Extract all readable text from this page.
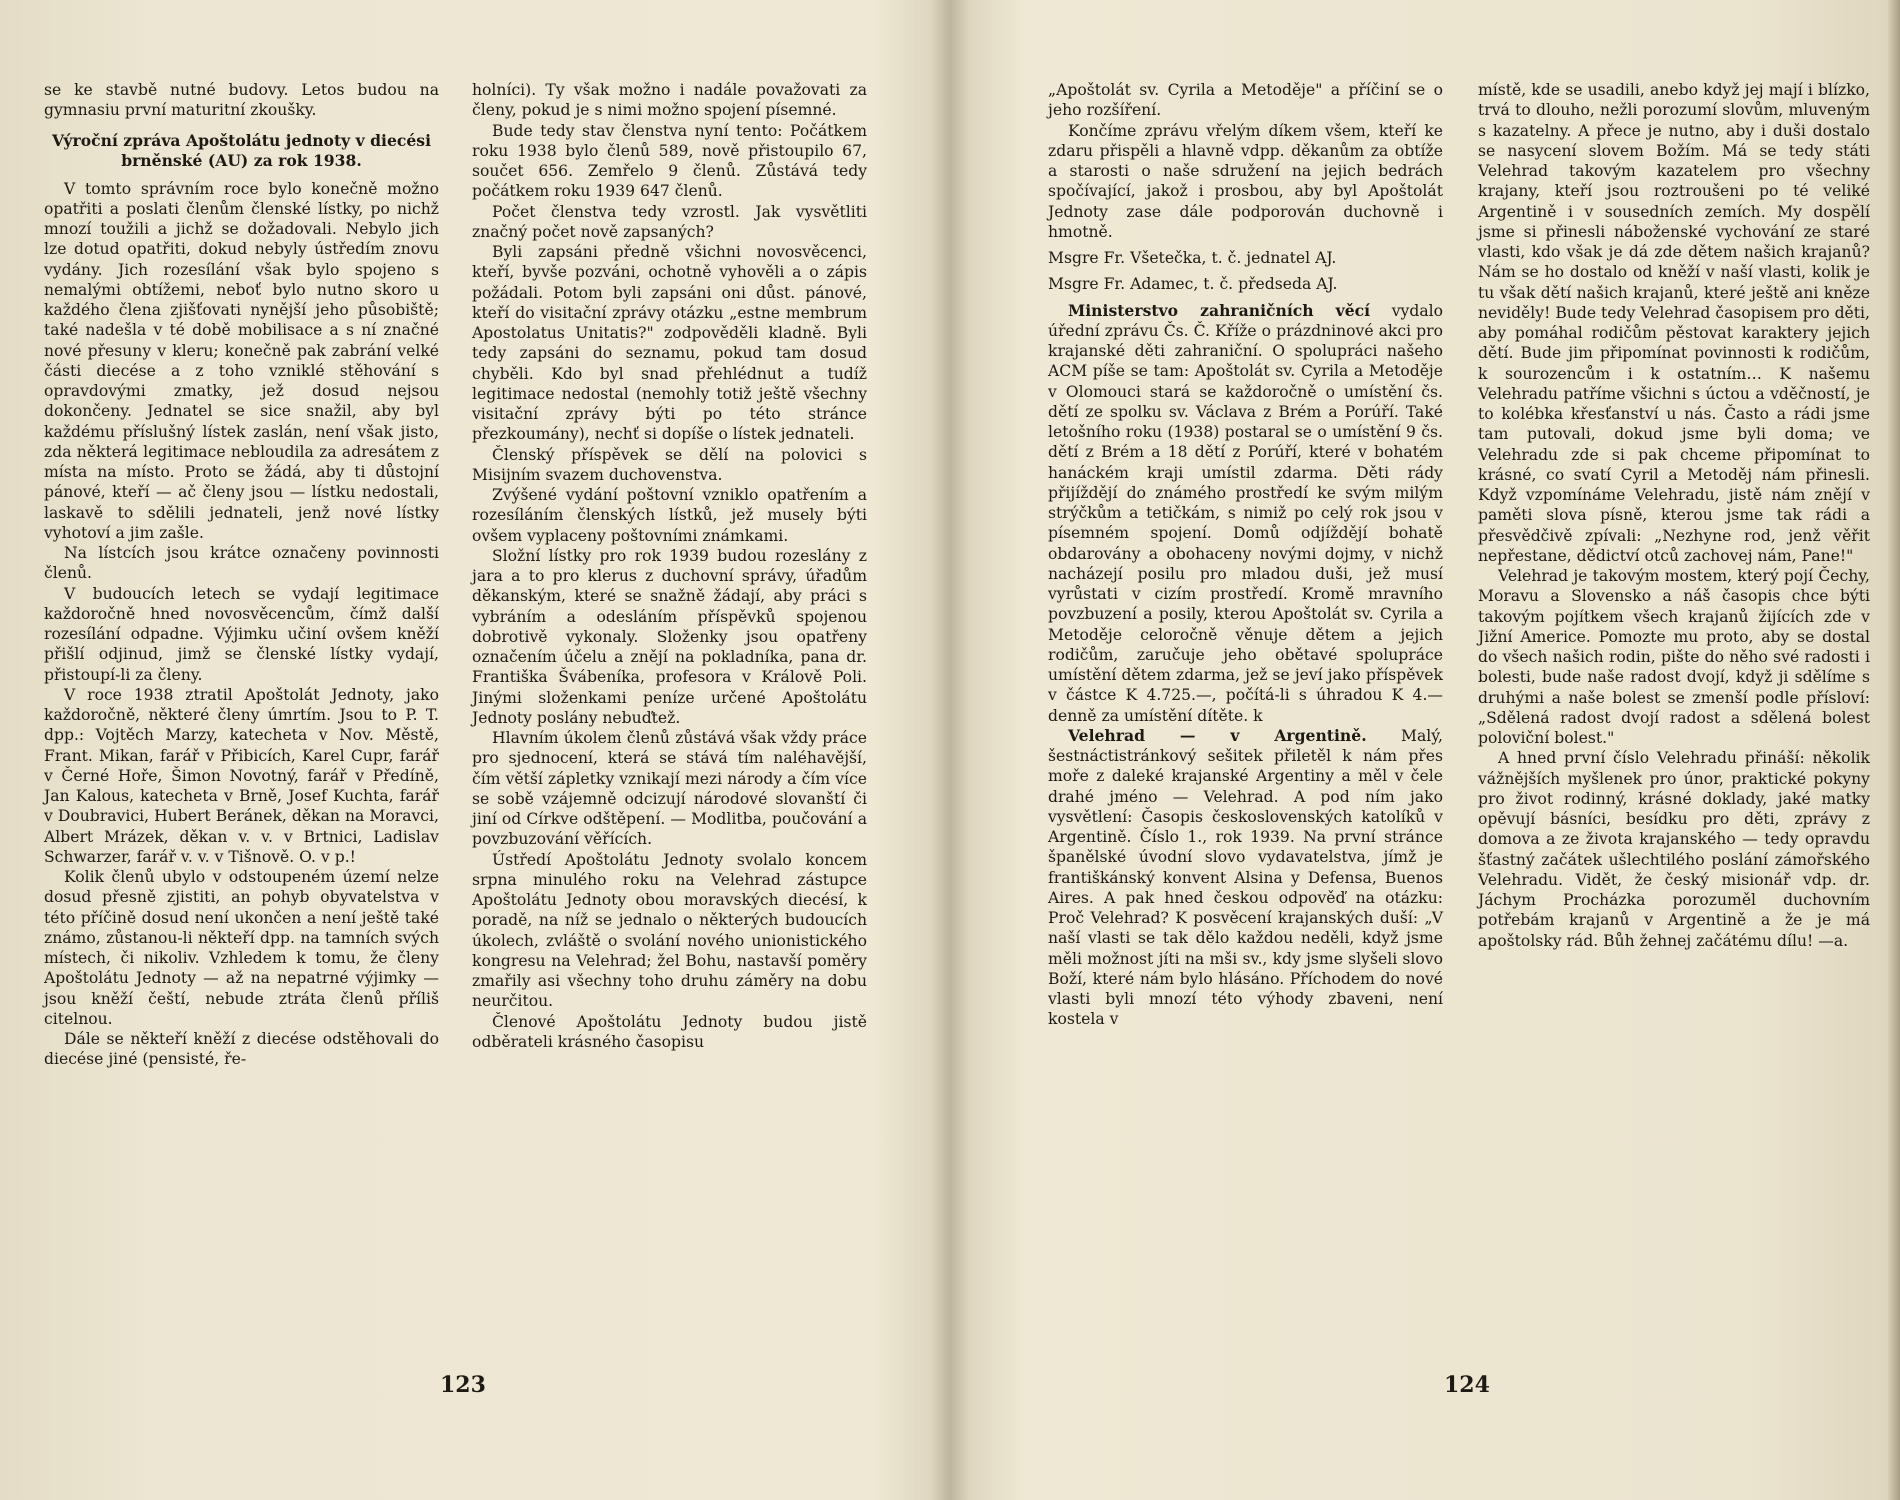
se ke stavbě nutné budovy. Letos budou na gymnasiu první maturitní zkoušky.

Výroční zpráva Apoštolátu jednoty v diecési brněnské (AU) za rok 1938.

V tomto správním roce bylo konečně možno opatřiti a poslati členům členské lístky, po nichž mnozí toužili a jichž se dožadovali. Nebylo jich lze dotud opatřiti, dokud nebyly ústředím znovu vydány. Jich rozesílání však bylo spojeno s nemalými obtížemi, neboť bylo nutno skoro u každého člena zjišťovati nynější jeho působiště; také nadešla v té době mobilisace a s ní značné nové přesuny v kleru; konečně pak zabrání velké části diecése a z toho vzniklé stěhování s opravdovými zmatky, jež dosud nejsou dokončeny. Jednatel se sice snažil, aby byl každému příslušný lístek zaslán, není však jisto, zda některá legitimace nebloudila za adresátem z místa na místo. Proto se žádá, aby ti důstojní pánové, kteří — ač členy jsou — lístku nedostali, laskavě to sdělili jednateli, jenž nové lístky vyhotoví a jim zašle.

Na lístcích jsou krátce označeny povinnosti členů.

V budoucích letech se vydají legitimace každoročně hned novosvěcencům, čímž další rozesílání odpadne. Výjimku učiní ovšem kněží přišlí odjinud, jimž se členské lístky vydají, přistoupí-li za členy.

V roce 1938 ztratil Apoštolát Jednoty, jako každoročně, některé členy úmrtím. Jsou to P. T. dpp.: Vojtěch Marzy, katecheta v Nov. Městě, Frant. Mikan, farář v Přibicích, Karel Cupr, farář v Černé Hoře, Šimon Novotný, farář v Předíně, Jan Kalous, katecheta v Brně, Josef Kuchta, farář v Doubravici, Hubert Beránek, děkan na Moravci, Albert Mrázek, děkan v. v. v Brtnici, Ladislav Schwarzer, farář v. v. v Tišnově. O. v p.!

Kolik členů ubylo v odstoupeném území nelze dosud přesně zjistiti, an pohyb obyvatelstva v této příčině dosud není ukončen a není ještě také známo, zůstanou-li někteří dpp. na tamních svých místech, či nikoliv. Vzhledem k tomu, že členy Apoštolátu Jednoty — až na nepatrné výjimky — jsou kněží čeští, nebude ztráta členů příliš citelnou.

Dále se někteří kněží z diecése odstěhovali do diecése jiné (pensisté, ře-

holníci). Ty však možno i nadále považovati za členy, pokud je s nimi možno spojení písemné.

Bude tedy stav členstva nyní tento: Počátkem roku 1938 bylo členů 589, nově přistoupilo 67, součet 656. Zemřelo 9 členů. Zůstává tedy počátkem roku 1939 647 členů.

Počet členstva tedy vzrostl. Jak vysvětliti značný počet nově zapsaných?

Byli zapsáni předně všichni novosvěcenci, kteří, byvše pozváni, ochotně vyhověli a o zápis požádali. Potom byli zapsáni oni důst. pánové, kteří do visitační zprávy otázku „estne membrum Apostolatus Unitatis?" zodpověděli kladně. Byli tedy zapsáni do seznamu, pokud tam dosud chyběli. Kdo byl snad přehlédnut a tudíž legitimace nedostal (nemohly totiž ještě všechny visitační zprávy býti po této stránce přezkoumány), nechť si dopíše o lístek jednateli.

Členský příspěvek se dělí na polovici s Misijním svazem duchovenstva.

Zvýšené vydání poštovní vzniklo opatřením a rozesíláním členských lístků, jež musely býti ovšem vyplaceny poštovními známkami.

Složní lístky pro rok 1939 budou rozeslány z jara a to pro klerus z duchovní správy, úřadům děkanským, které se snažně žádají, aby práci s vybráním a odesláním příspěvků spojenou dobrotivě vykonaly. Složenky jsou opatřeny označením účelu a znějí na pokladníka, pana dr. Františka Švábeníka, profesora v Králově Poli. Jinými složenkami peníze určené Apoštolátu Jednoty poslány nebuďtež.

Hlavním úkolem členů zůstává však vždy práce pro sjednocení, která se stává tím naléhavější, čím větší zápletky vznikají mezi národy a čím více se sobě vzájemně odcizují národové slovanští či jiní od Církve odštěpení. — Modlitba, poučování a povzbuzování věřících.

Ústředí Apoštolátu Jednoty svolalo koncem srpna minulého roku na Velehrad zástupce Apoštolátu Jednoty obou moravských diecésí, k poradě, na níž se jednalo o některých budoucích úkolech, zvláště o svolání nového unionistického kongresu na Velehrad; žel Bohu, nastavší poměry zmařily asi všechny toho druhu záměry na dobu neurčitou.

Členové Apoštolátu Jednoty budou jistě odběrateli krásného časopisu

123

„Apoštolát sv. Cyrila a Metoděje" a příčiní se o jeho rozšíření.

Končíme zprávu vřelým díkem všem, kteří ke zdaru přispěli a hlavně vdpp. děkanům za obtíže a starosti o naše sdružení na jejich bedrách spočívající, jakož i prosbou, aby byl Apoštolát Jednoty zase dále podporován duchovně i hmotně.

Msgre Fr. Všetečka, t. č. jednatel AJ.

Msgre Fr. Adamec, t. č. předseda AJ.

Ministerstvo zahraničních věcí vydalo úřední zprávu Čs. Č. Kříže o prázdninové akci pro krajanské děti zahraniční. O spolupráci našeho ACM píše se tam: Apoštolát sv. Cyrila a Metoděje v Olomouci stará se každoročně o umístění čs. dětí ze spolku sv. Václava z Brém a Porúří. Také letošního roku (1938) postaral se o umístění 9 čs. dětí z Brém a 18 dětí z Porúří, které v bohatém hanáckém kraji umístil zdarma. Děti rády přijíždějí do známého prostředí ke svým milým strýčkům a tetičkám, s nimiž po celý rok jsou v písemném spojení. Domů odjíždějí bohatě obdarovány a obohaceny novými dojmy, v nichž nacházejí posilu pro mladou duši, jež musí vyrůstati v cizím prostředí. Kromě mravního povzbuzení a posily, kterou Apoštolát sv. Cyrila a Metoděje celoročně věnuje dětem a jejich rodičům, zaručuje jeho obětavé spolupráce umístění dětem zdarma, jež se jeví jako příspěvek v částce K 4.725.—, počítá-li s úhradou K 4.— denně za umístění dítěte. k

Velehrad — v Argentině. Malý, šestnáctistránkový sešitek přiletěl k nám přes moře z daleké krajanské Argentiny a měl v čele drahé jméno — Velehrad. A pod ním jako vysvětlení: Časopis československých katolíků v Argentině. Číslo 1., rok 1939. Na první stránce španělské úvodní slovo vydavatelstva, jímž je františkánský konvent Alsina y Defensa, Buenos Aires. A pak hned českou odpověď na otázku: Proč Velehrad? K posvěcení krajanských duší: „V naší vlasti se tak dělo každou neděli, když jsme měli možnost jíti na mši sv., kdy jsme slyšeli slovo Boží, které nám bylo hlásáno. Příchodem do nové vlasti byli mnozí této výhody zbaveni, není kostela v

místě, kde se usadili, anebo když jej mají i blízko, trvá to dlouho, nežli porozumí slovům, mluveným s kazatelny. A přece je nutno, aby i duši dostalo se nasycení slovem Božím. Má se tedy státi Velehrad takovým kazatelem pro všechny krajany, kteří jsou roztroušeni po té veliké Argentině i v sousedních zemích. My dospělí jsme si přinesli náboženské vychování ze staré vlasti, kdo však je dá zde dětem našich krajanů? Nám se ho dostalo od kněží v naší vlasti, kolik je tu však dětí našich krajanů, které ještě ani kněze neviděly! Bude tedy Velehrad časopisem pro děti, aby pomáhal rodičům pěstovat karaktery jejich dětí. Bude jim připomínat povinnosti k rodičům, k sourozencům i k ostatním… K našemu Velehradu patříme všichni s úctou a vděčností, je to kolébka křesťanství u nás. Často a rádi jsme tam putovali, dokud jsme byli doma; ve Velehradu zde si pak chceme připomínat to krásné, co svatí Cyril a Metoděj nám přinesli. Když vzpomínáme Velehradu, jistě nám znějí v paměti slova písně, kterou jsme tak rádi a přesvědčivě zpívali: „Nezhyne rod, jenž věřit nepřestane, dědictví otců zachovej nám, Pane!"

Velehrad je takovým mostem, který pojí Čechy, Moravu a Slovensko a náš časopis chce býti takovým pojítkem všech krajanů žijících zde v Jižní Americe. Pomozte mu proto, aby se dostal do všech našich rodin, pište do něho své radosti i bolesti, bude naše radost dvojí, když ji sdělíme s druhými a naše bolest se zmenší podle přísloví: „Sdělená radost dvojí radost a sdělená bolest poloviční bolest."

A hned první číslo Velehradu přináší: několik vážnějších myšlenek pro únor, praktické pokyny pro život rodinný, krásné doklady, jaké matky opěvují básníci, besídku pro děti, zprávy z domova a ze života krajanského — tedy opravdu šťastný začátek ušlechtilého poslání zámořského Velehradu. Vidět, že český misionář vdp. dr. Jáchym Procházka porozuměl duchovním potřebám krajanů v Argentině a že je má apoštolsky rád. Bůh žehnej začátému dílu! —a.

124
